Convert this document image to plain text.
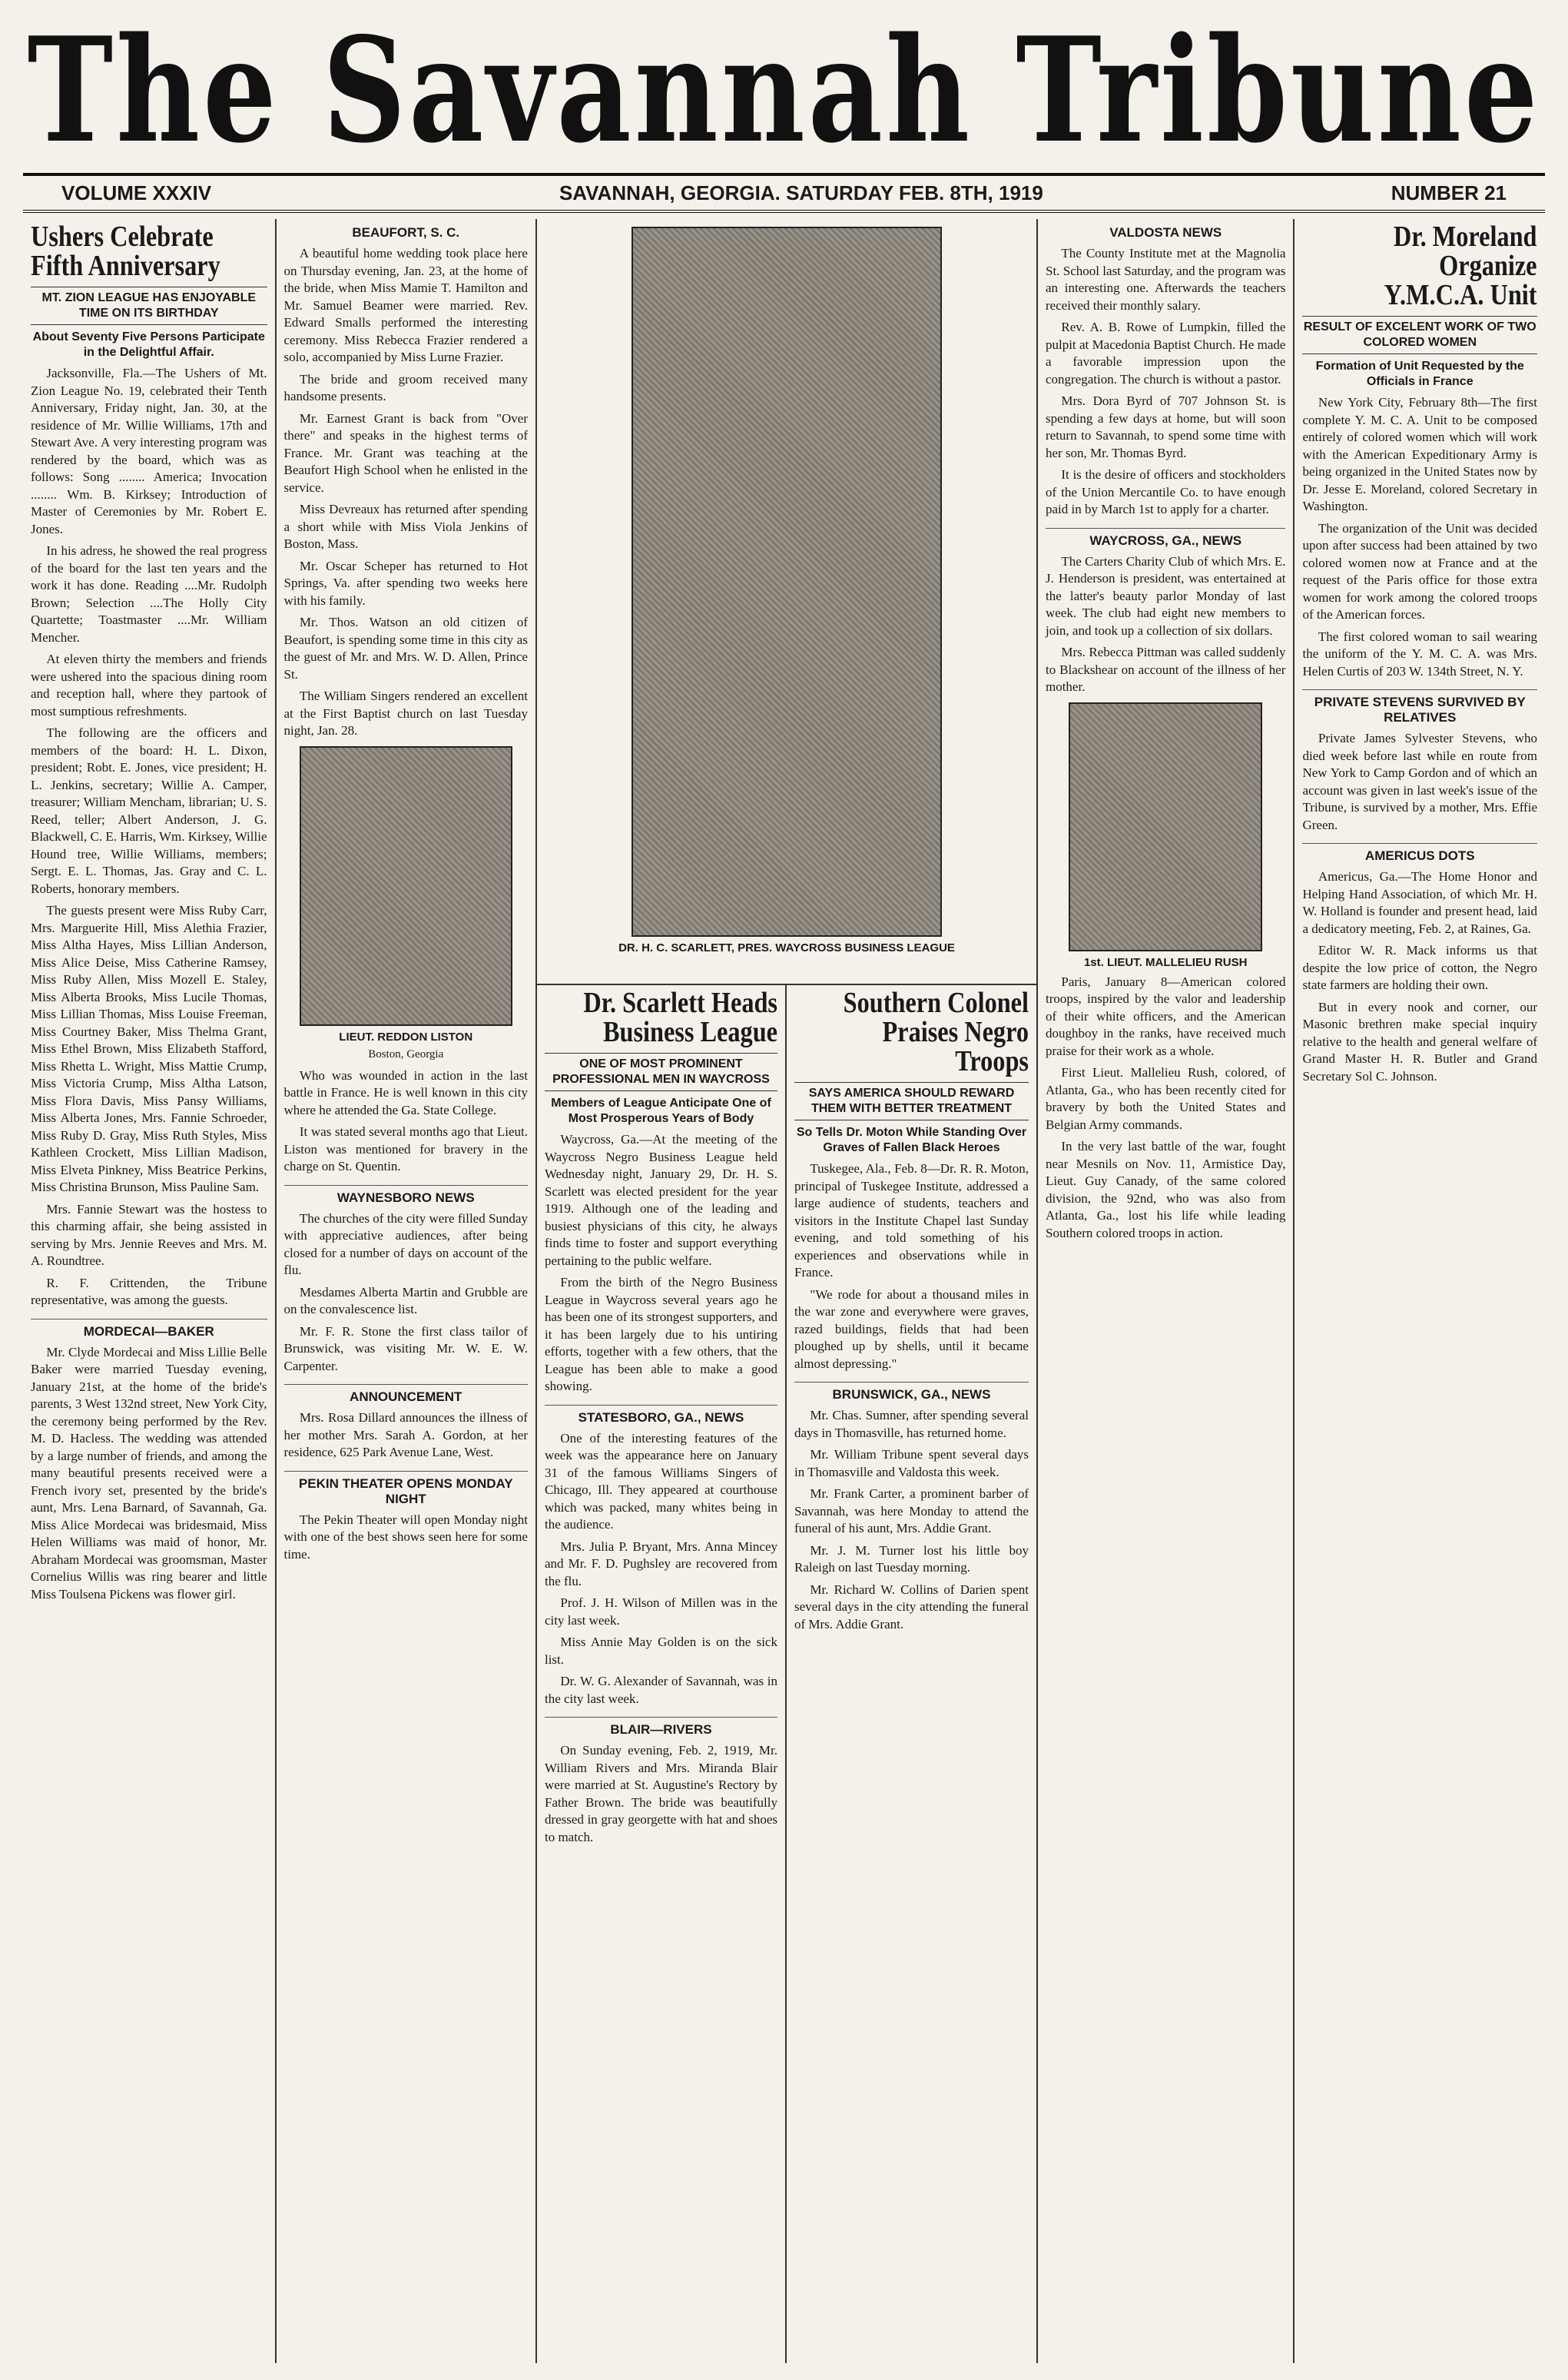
The Savannah Tribune
VOLUME XXXIV	SAVANNAH, GEORGIA. SATURDAY FEB. 8TH, 1919	NUMBER 21
Ushers Celebrate Fifth Anniversary
MT. ZION LEAGUE HAS ENJOYABLE TIME ON ITS BIRTHDAY
About Seventy Five Persons Participate in the Delightful Affair.

Jacksonville, Fla.—The Ushers of Mt. Zion League No. 19, celebrated their Tenth Anniversary, Friday night, Jan. 30, at the residence of Mr. Willie Williams, 17th and Stewart Ave. A very interesting program was rendered by the board, which was as follows: Song ........ America; Invocation ........ Wm. B. Kirksey; Introduction of Master of Ceremonies by Mr. Robert E. Jones.

In his adress, he showed the real progress of the board for the last ten years and the work it has done. Reading ....Mr. Rudolph Brown; Selection ....The Holly City Quartette; Toastmaster ....Mr. William Mencher.

At eleven thirty the members and friends were ushered into the spacious dining room and reception hall, where they partook of most sumptious refreshments.

The following are the officers and members of the board: H. L. Dixon, president; Robt. E. Jones, vice president; H. L. Jenkins, secretary; Willie A. Camper, treasurer; William Mencham, librarian; U. S. Reed, teller; Albert Anderson, J. G. Blackwell, C. E. Harris, Wm. Kirksey, Willie Hound tree, Willie Williams, members; Sergt. E. L. Thomas, Jas. Gray and C. L. Roberts, honorary members.

The guests present were Miss Ruby Carr, Mrs. Marguerite Hill, Miss Alethia Frazier, Miss Altha Hayes, Miss Lillian Anderson, Miss Alice Deise, Miss Catherine Ramsey, Miss Ruby Allen, Miss Mozell E. Staley, Miss Alberta Brooks, Miss Lucile Thomas, Miss Lillian Thomas, Miss Louise Freeman, Miss Courtney Baker, Miss Thelma Grant, Miss Ethel Brown, Miss Elizabeth Stafford, Miss Rhetta L. Wright, Miss Mattie Crump, Miss Victoria Crump, Miss Altha Latson, Miss Flora Davis, Miss Pansy Williams, Miss Alberta Jones, Mrs. Fannie Schroeder, Miss Ruby D. Gray, Miss Ruth Styles, Miss Kathleen Crockett, Miss Lillian Madison, Miss Elveta Pinkney, Miss Beatrice Perkins, Miss Christina Brunson, Miss Pauline Sam.

Mrs. Fannie Stewart was the hostess to this charming affair, she being assisted in serving by Mrs. Jennie Reeves and Mrs. M. A. Roundtree.

R. F. Crittenden, the Tribune representative, was among the guests.

MORDECAI—BAKER

Mr. Clyde Mordecai and Miss Lillie Belle Baker were married Tuesday evening, January 21st, at the home of the bride's parents, 3 West 132nd street, New York City, the ceremony being performed by the Rev. M. D. Hacless. The wedding was attended by a large number of friends, and among the many beautiful presents received were a French ivory set, presented by the bride's aunt, Mrs. Lena Barnard, of Savannah, Ga. Miss Alice Mordecai was bridesmaid, Miss Helen Williams was maid of honor, Mr. Abraham Mordecai was groomsman, Master Cornelius Willis was ring bearer and little Miss Toulsena Pickens was flower girl.

BEAUFORT, S. C.

A beautiful home wedding took place here on Thursday evening, Jan. 23, at the home of the bride, when Miss Mamie T. Hamilton and Mr. Samuel Beamer were married. Rev. Edward Smalls performed the interesting ceremony. Miss Rebecca Frazier rendered a solo, accompanied by Miss Lurne Frazier.

The bride and groom received many handsome presents.

Mr. Earnest Grant is back from "Over there" and speaks in the highest terms of France. Mr. Grant was teaching at the Beaufort High School when he enlisted in the service.

Miss Devreaux has returned after spending a short while with Miss Viola Jenkins of Boston, Mass.

Mr. Oscar Scheper has returned to Hot Springs, Va. after spending two weeks here with his family.

Mr. Thos. Watson an old citizen of Beaufort, is spending some time in this city as the guest of Mr. and Mrs. W. D. Allen, Prince St.

The William Singers rendered an excellent at the First Baptist church on last Tuesday night, Jan. 28.

LIEUT. REDDON LISTON
Boston, Georgia

Who was wounded in action in the last battle in France. He is well known in this city where he attended the Ga. State College.

It was stated several months ago that Lieut. Liston was mentioned for bravery in the charge on St. Quentin.

WAYNESBORO NEWS

The churches of the city were filled Sunday with appreciative audiences, after being closed for a number of days on account of the flu.

Mesdames Alberta Martin and Grubble are on the convalescence list.

Mr. F. R. Stone the first class tailor of Brunswick, was visiting Mr. W. E. W. Carpenter.

ANNOUNCEMENT

Mrs. Rosa Dillard announces the illness of her mother Mrs. Sarah A. Gordon, at her residence, 625 Park Avenue Lane, West.

PEKIN THEATER OPENS MONDAY NIGHT

The Pekin Theater will open Monday night with one of the best shows seen here for some time.

DR. H. C. SCARLETT, PRES. WAYCROSS BUSINESS LEAGUE
Dr. Scarlett Heads Business League
ONE OF MOST PROMINENT PROFESSIONAL MEN IN WAYCROSS
Members of League Anticipate One of Most Prosperous Years of Body

Waycross, Ga.—At the meeting of the Waycross Negro Business League held Wednesday night, January 29, Dr. H. S. Scarlett was elected president for the year 1919. Although one of the leading and busiest physicians of this city, he always finds time to foster and support everything pertaining to the public welfare.

From the birth of the Negro Business League in Waycross several years ago he has been one of its strongest supporters, and it has been largely due to his untiring efforts, together with a few others, that the League has been able to make a good showing.

STATESBORO, GA., NEWS

One of the interesting features of the week was the appearance here on January 31 of the famous Williams Singers of Chicago, Ill. They appeared at courthouse which was packed, many whites being in the audience.

Mrs. Julia P. Bryant, Mrs. Anna Mincey and Mr. F. D. Pughsley are recovered from the flu.

Prof. J. H. Wilson of Millen was in the city last week.

Miss Annie May Golden is on the sick list.

Dr. W. G. Alexander of Savannah, was in the city last week.

BLAIR—RIVERS

On Sunday evening, Feb. 2, 1919, Mr. William Rivers and Mrs. Miranda Blair were married at St. Augustine's Rectory by Father Brown. The bride was beautifully dressed in gray georgette with hat and shoes to match.

Southern Colonel Praises Negro Troops
SAYS AMERICA SHOULD REWARD THEM WITH BETTER TREATMENT
So Tells Dr. Moton While Standing Over Graves of Fallen Black Heroes

Tuskegee, Ala., Feb. 8—Dr. R. R. Moton, principal of Tuskegee Institute, addressed a large audience of students, teachers and visitors in the Institute Chapel last Sunday evening, and told something of his experiences and observations while in France.

"We rode for about a thousand miles in the war zone and everywhere were graves, razed buildings, fields that had been ploughed up by shells, until it became almost depressing."

BRUNSWICK, GA., NEWS

Mr. Chas. Sumner, after spending several days in Thomasville, has returned home.

Mr. William Tribune spent several days in Thomasville and Valdosta this week.

Mr. Frank Carter, a prominent barber of Savannah, was here Monday to attend the funeral of his aunt, Mrs. Addie Grant.

Mr. J. M. Turner lost his little boy Raleigh on last Tuesday morning.

Mr. Richard W. Collins of Darien spent several days in the city attending the funeral of Mrs. Addie Grant.

VALDOSTA NEWS

The County Institute met at the Magnolia St. School last Saturday, and the program was an interesting one. Afterwards the teachers received their monthly salary.

Rev. A. B. Rowe of Lumpkin, filled the pulpit at Macedonia Baptist Church. He made a favorable impression upon the congregation. The church is without a pastor.

Mrs. Dora Byrd of 707 Johnson St. is spending a few days at home, but will soon return to Savannah, to spend some time with her son, Mr. Thomas Byrd.

It is the desire of officers and stockholders of the Union Mercantile Co. to have enough paid in by March 1st to apply for a charter.

WAYCROSS, GA., NEWS

The Carters Charity Club of which Mrs. E. J. Henderson is president, was entertained at the latter's beauty parlor Monday of last week. The club had eight new members to join, and took up a collection of six dollars.

Mrs. Rebecca Pittman was called suddenly to Blackshear on account of the illness of her mother.

1st. LIEUT. MALLELIEU RUSH

Paris, January 8—American colored troops, inspired by the valor and leadership of their white officers, and the American doughboy in the ranks, have received much praise for their work as a whole.

First Lieut. Mallelieu Rush, colored, of Atlanta, Ga., who has been recently cited for bravery by both the United States and Belgian Army commands.

In the very last battle of the war, fought near Mesnils on Nov. 11, Armistice Day, Lieut. Guy Canady, of the same colored division, the 92nd, who was also from Atlanta, Ga., lost his life while leading Southern colored troops in action.

Dr. Moreland Organize Y.M.C.A. Unit
RESULT OF EXCELENT WORK OF TWO COLORED WOMEN
Formation of Unit Requested by the Officials in France

New York City, February 8th—The first complete Y. M. C. A. Unit to be composed entirely of colored women which will work with the American Expeditionary Army is being organized in the United States now by Dr. Jesse E. Moreland, colored Secretary in Washington.

The organization of the Unit was decided upon after success had been attained by two colored women now at France and at the request of the Paris office for those extra women for work among the colored troops of the American forces.

The first colored woman to sail wearing the uniform of the Y. M. C. A. was Mrs. Helen Curtis of 203 W. 134th Street, N. Y.

PRIVATE STEVENS SURVIVED BY RELATIVES

Private James Sylvester Stevens, who died week before last while en route from New York to Camp Gordon and of which an account was given in last week's issue of the Tribune, is survived by a mother, Mrs. Effie Green.

AMERICUS DOTS

Americus, Ga.—The Home Honor and Helping Hand Association, of which Mr. H. W. Holland is founder and present head, laid a dedicatory meeting, Feb. 2, at Raines, Ga.

Editor W. R. Mack informs us that despite the low price of cotton, the Negro state farmers are holding their own.

But in every nook and corner, our Masonic brethren make special inquiry relative to the health and general welfare of Grand Master H. R. Butler and Grand Secretary Sol C. Johnson.
